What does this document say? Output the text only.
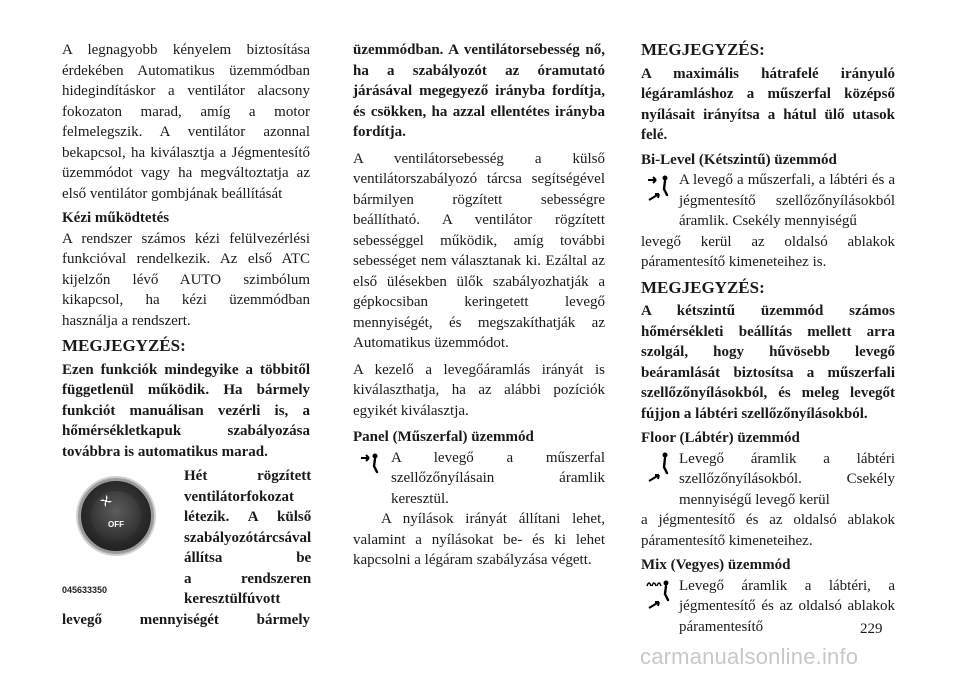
A legnagyobb kényelem biztosítása érdekében Automatikus üzemmódban hidegindításkor a ventilátor alacsony fokozaton marad, amíg a motor felmelegszik. A ventilátor azonnal bekapcsol, ha kiválasztja a Jégmentesítő üzemmódot vagy ha megváltoztatja az első ventilátor gombjának beállítását

Kézi működtetés

A rendszer számos kézi felülvezérlési funkcióval rendelkezik. Az első ATC kijelzőn lévő AUTO szimbólum kikapcsol, ha kézi üzemmódban használja a rendszert.

MEGJEGYZÉS:

Ezen funkciók mindegyike a többitől függetlenül működik. Ha bármely funkciót manuálisan vezérli is, a hőmérsékletkapuk szabályozása továbbra is automatikus marad.

OFF
045633350
Hét rögzített
ventilátorfokozat
létezik. A külső
szabályozótárcsával
állítsa be
a rendszeren
keresztülfúvott
levegő mennyiségét bármely

üzemmódban. A ventilátorsebesség nő, ha a szabályozót az óramutató járásával megegyező irányba fordítja, és csökken, ha azzal ellentétes irányba fordítja.

A ventilátorsebesség a külső ventilátorszabályozó tárcsa segítségével bármilyen rögzített sebességre beállítható. A ventilátor rögzített sebességgel működik, amíg további sebességet nem választanak ki. Ezáltal az első ülésekben ülők szabályozhatják a gépkocsiban keringetett levegő mennyiségét, és megszakíthatják az Automatikus üzemmódot.

A kezelő a levegőáramlás irányát is kiválaszthatja, ha az alábbi pozíciók egyikét kiválasztja.

Panel (Műszerfal) üzemmód
A levegő a műszerfal szellőzőnyílásain áramlik keresztül.

A nyílások irányát állítani lehet, valamint a nyílásokat be- és ki lehet kapcsolni a légáram szabályzása végett.

MEGJEGYZÉS:

A maximális hátrafelé irányuló légáramláshoz a műszerfal középső nyílásait irányítsa a hátul ülő utasok felé.

Bi-Level (Kétszintű) üzemmód
A levegő a műszerfali, a lábtéri és a jégmentesítő szellőzőnyílásokból áramlik. Csekély mennyiségű

levegő kerül az oldalsó ablakok páramentesítő kimeneteihez is.

MEGJEGYZÉS:

A kétszintű üzemmód számos hőmérsékleti beállítás mellett arra szolgál, hogy hűvösebb levegő beáramlását biztosítsa a műszerfali szellőzőnyílásokból, és meleg levegőt fújjon a lábtéri szellőzőnyílásokból.

Floor (Lábtér) üzemmód
Levegő áramlik a lábtéri szellőzőnyílásokból. Csekély mennyiségű levegő kerül

a jégmentesítő és az oldalsó ablakok páramentesítő kimeneteihez.

Mix (Vegyes) üzemmód
Levegő áramlik a lábtéri, a jégmentesítő és az oldalsó ablakok páramentesítő	229
carmanualsonline.info
